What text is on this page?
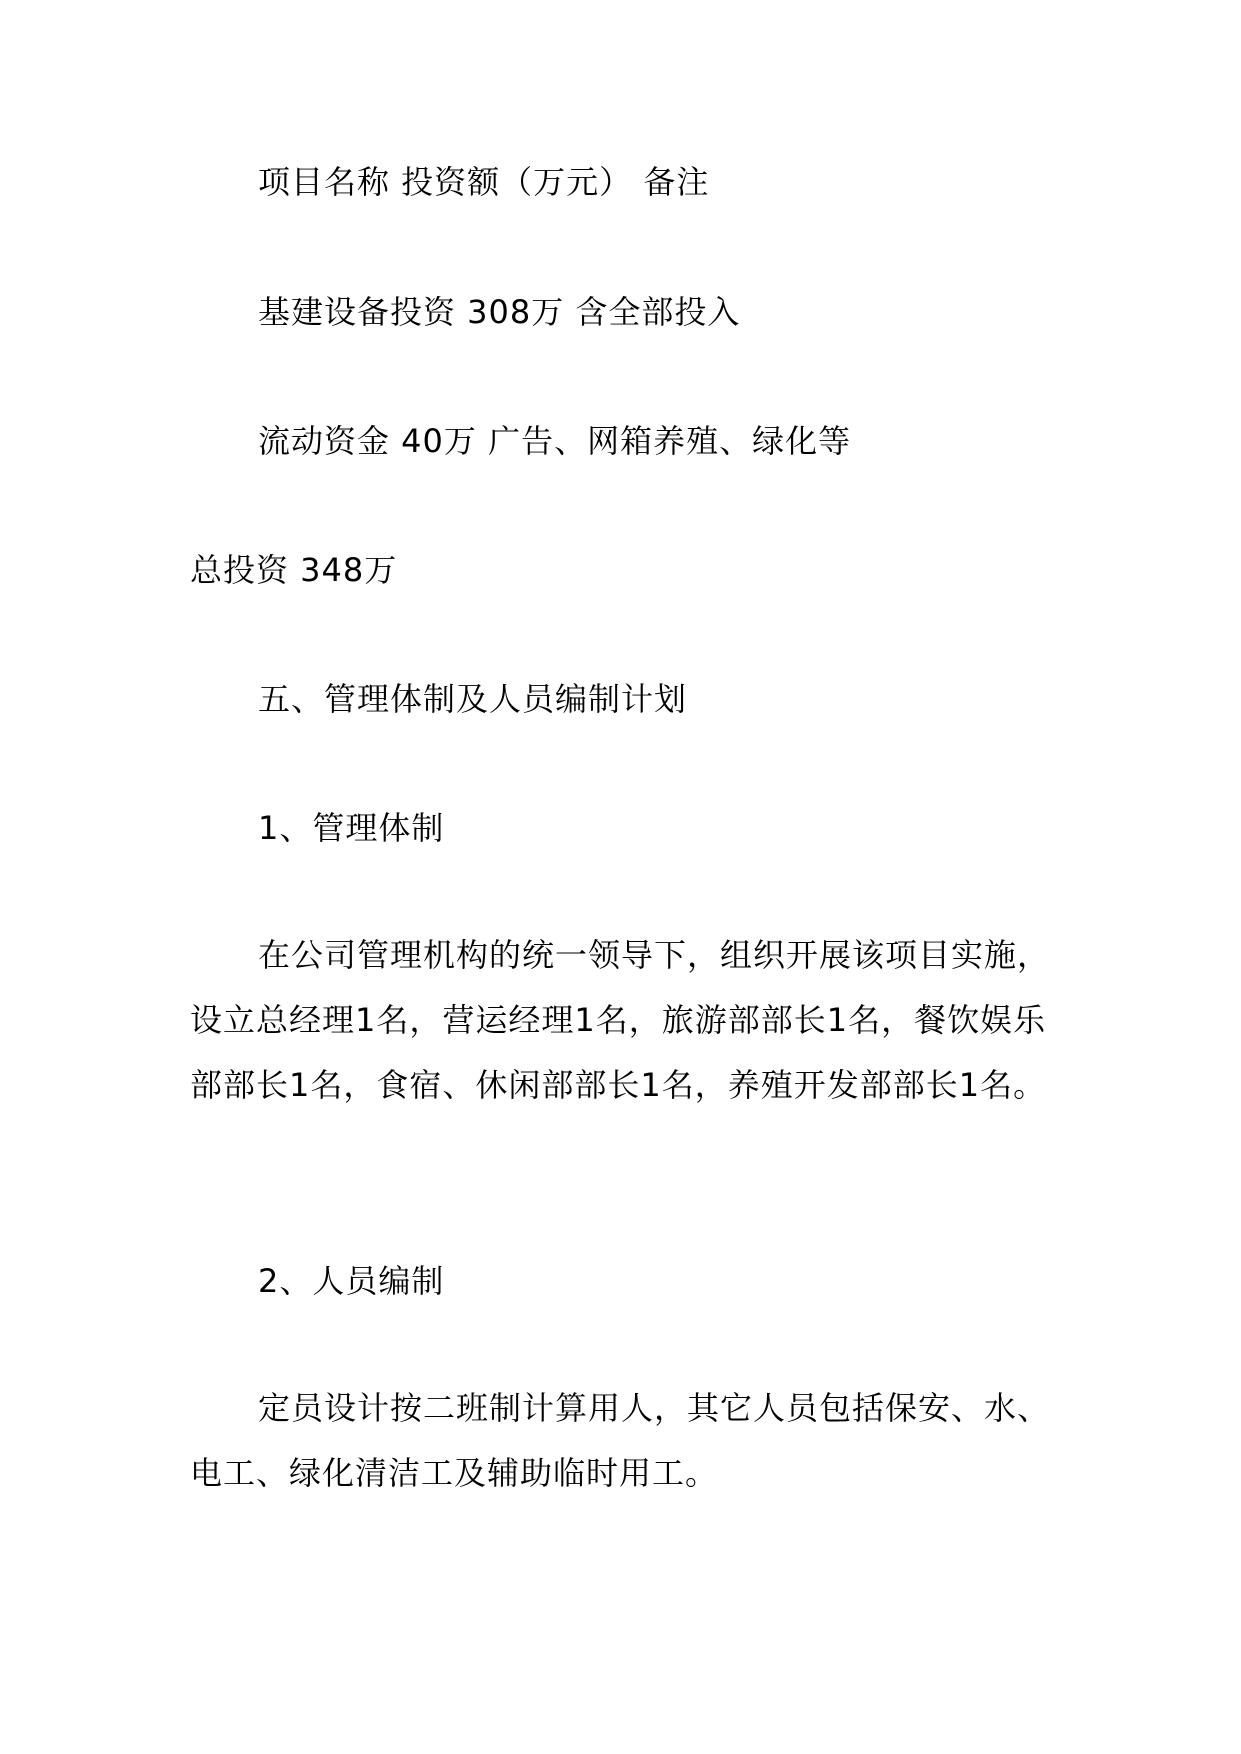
项目名称 投资额（万元） 备注
基建设备投资 308万 含全部投入
流动资金 40万 广告、网箱养殖、绿化等
总投资 348万
五、管理体制及人员编制计划
1、管理体制
在公司管理机构的统一领导下，组织开展该项目实施，设立总经理1名，营运经理1名，旅游部部长1名，餐饮娱乐部部长1名，食宿、休闲部部长1名，养殖开发部部长1名。
2、人员编制
定员设计按二班制计算用人，其它人员包括保安、水、电工、绿化清洁工及辅助临时用工。
